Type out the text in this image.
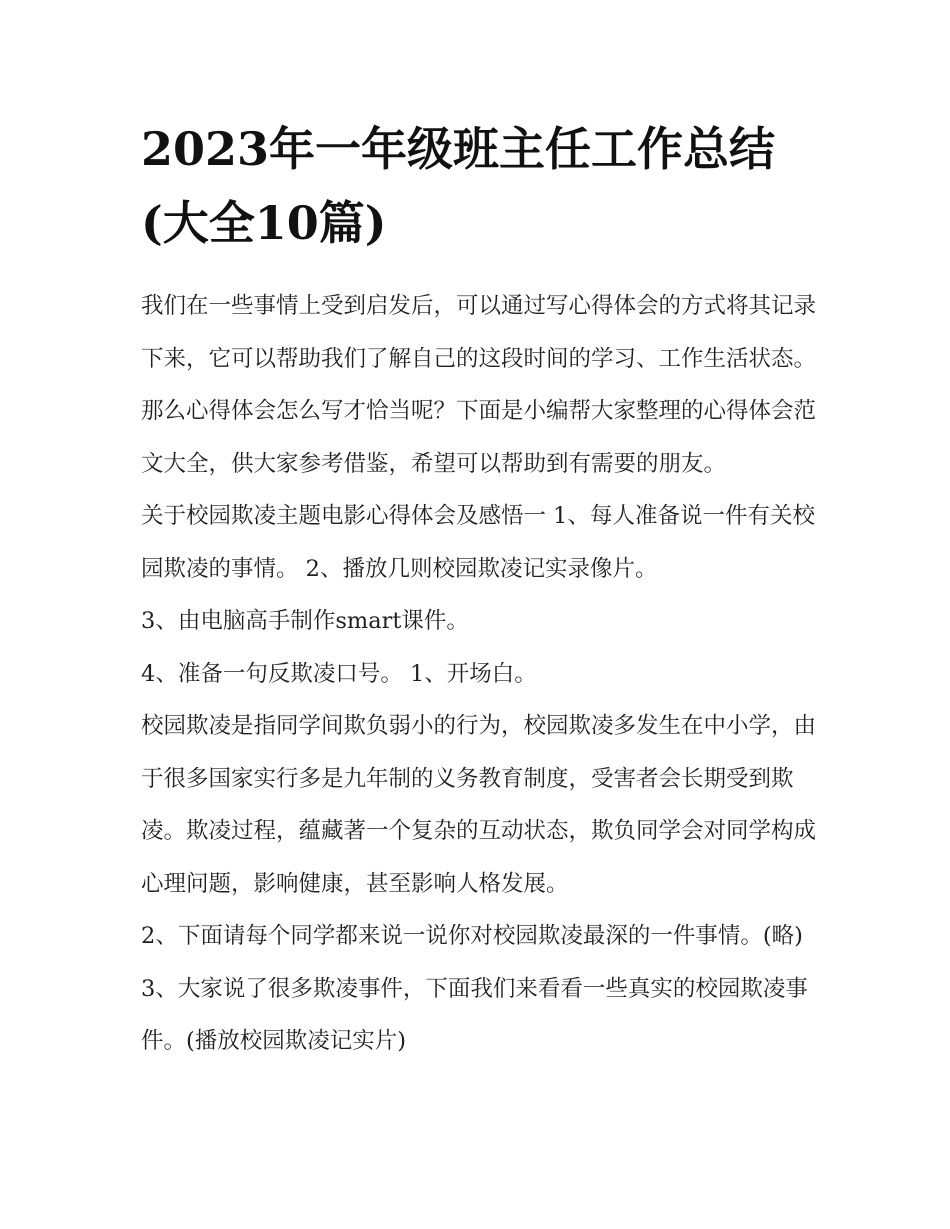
2023年一年级班主任工作总结(大全10篇)

我们在一些事情上受到启发后，可以通过写心得体会的方式将其记录下来，它可以帮助我们了解自己的这段时间的学习、工作生活状态。那么心得体会怎么写才恰当呢？下面是小编帮大家整理的心得体会范文大全，供大家参考借鉴，希望可以帮助到有需要的朋友。

关于校园欺凌主题电影心得体会及感悟一 1、每人准备说一件有关校园欺凌的事情。 2、播放几则校园欺凌记实录像片。

3、由电脑高手制作smart课件。

4、准备一句反欺凌口号。 1、开场白。

校园欺凌是指同学间欺负弱小的行为，校园欺凌多发生在中小学，由于很多国家实行多是九年制的义务教育制度，受害者会长期受到欺凌。欺凌过程，蕴藏著一个复杂的互动状态，欺负同学会对同学构成心理问题，影响健康，甚至影响人格发展。

2、下面请每个同学都来说一说你对校园欺凌最深的一件事情。(略) 3、大家说了很多欺凌事件，下面我们来看看一些真实的校园欺凌事件。(播放校园欺凌记实片)
